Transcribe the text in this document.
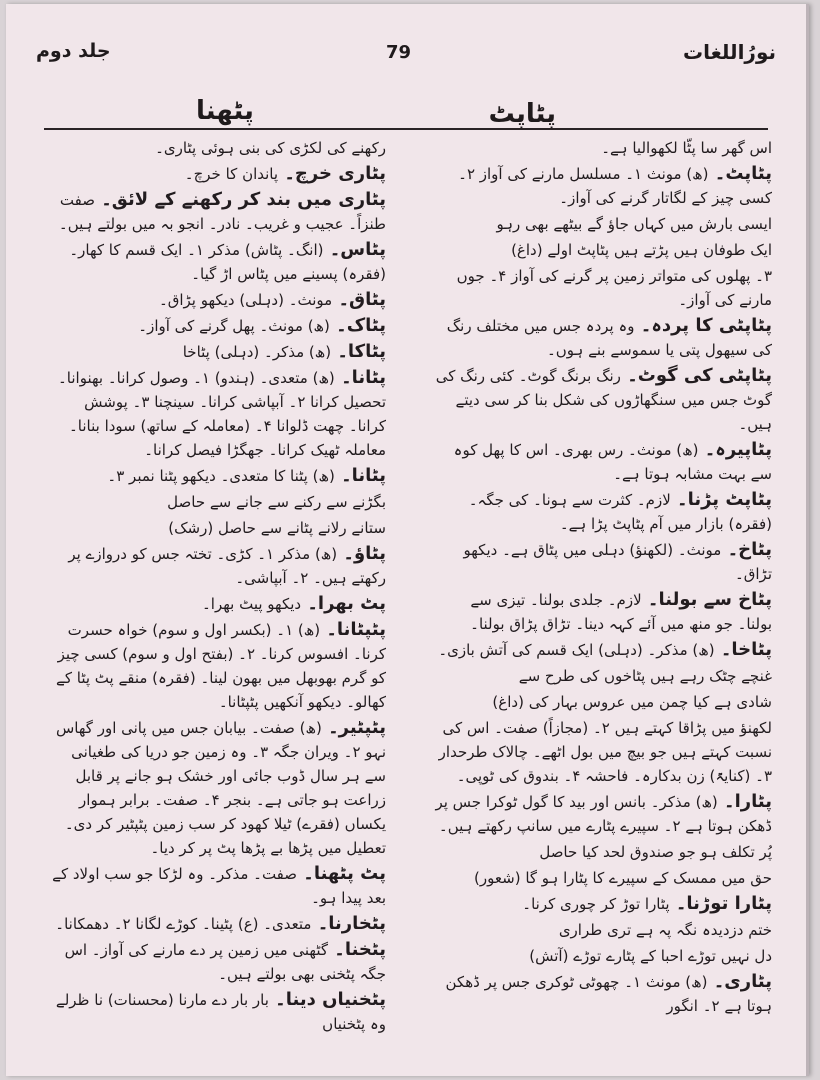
نورُاللغات
79
جلد دوم
پٹاپٹ
پٹھنا
اس گھر سا پٹّا لکھوالیا ہے۔
پٹاپٹ۔ (ھ) مونث ۱۔ مسلسل مارنے کی آواز ۲۔ کسی چیز کے لگاتار گرنے کی آواز۔
ایسی بارش میں کہاں جاؤ گے بیٹھے بھی رہو
ایک طوفان ہیں پڑتے ہیں پٹاپٹ اولے (داغ)
۳۔ پھلوں کی متواتر زمین پر گرنے کی آواز ۴۔ جوں مارنے کی آواز۔
پٹاپٹی کا پردہ۔ وہ پردہ جس میں مختلف رنگ کی سیھول پتی یا سموسے بنے ہوں۔
پٹاپٹی کی گوٹ۔ رنگ برنگ گوٹ۔ کئی رنگ کی گوٹ جس میں سنگھاڑوں کی شکل بنا کر سی دیتے ہیں۔
پٹاپیرہ۔ (ھ) مونث۔ رس بھری۔ اس کا پھل کوہ سے بہت مشابہ ہوتا ہے۔
پٹاپٹ پڑنا۔ لازم۔ کثرت سے ہونا۔ کی جگہ۔ (فقرہ) بازار میں آم پٹاپٹ پڑا ہے۔
پٹاخ۔ مونث۔ (لکھنؤ) دہلی میں پٹاق ہے۔ دیکھو تڑاق۔
پٹاخ سے بولنا۔ لازم۔ جلدی بولنا۔ تیزی سے بولنا۔ جو منھ میں آئے کہہ دینا۔ تڑاق پڑاق بولنا۔
پٹاخا۔ (ھ) مذکر۔ (دہلی) ایک قسم کی آتش بازی۔
غنچے چٹک رہے ہیں پٹاخوں کی طرح سے
شادی ہے کیا چمن میں عروس بہار کی (داغ)
لکھنؤ میں پڑاقا کہتے ہیں ۲۔ (مجازاً) صفت۔ اس کی نسبت کہتے ہیں جو بیچ میں بول اٹھے۔ چالاک طرحدار ۳۔ (کنایۃً) زن بدکارہ۔ فاحشہ ۴۔ بندوق کی ٹوپی۔
پٹارا۔ (ھ) مذکر۔ بانس اور بید کا گول ٹوکرا جس پر ڈھکن ہوتا ہے ۲۔ سپیرے پٹارے میں سانپ رکھتے ہیں۔
پُر تکلف ہو جو صندوق لحد کیا حاصل
حق میں ممسک کے سپیرے کا پٹارا ہو گا (شعور)
پٹارا توڑنا۔ پٹارا توڑ کر چوری کرنا۔
ختم دزدیدہ نگہ پہ ہے تری طراری
دل نہیں توڑے احبا کے پٹارے توڑے (آتش)
پٹاری۔ (ھ) مونث ۱۔ چھوٹی ٹوکری جس پر ڈھکن ہوتا ہے ۲۔ انگور
رکھنے کی لکڑی کی بنی ہوئی پٹاری۔
پٹاری خرچ۔ پاندان کا خرچ۔
پٹاری میں بند کر رکھنے کے لائق۔ صفت طنزاً۔ عجیب و غریب۔ نادر۔ انجو بہ میں بولتے ہیں۔
پٹاس۔ (انگ۔ پٹاش) مذکر ۱۔ ایک قسم کا کھار۔ (فقرہ) پسینے میں پٹاس اڑ گیا۔
پٹاق۔ مونث۔ (دہلی) دیکھو پڑاق۔
پٹاک۔ (ھ) مونث۔ پھل گرنے کی آواز۔
پٹاکا۔ (ھ) مذکر۔ (دہلی) پٹاخا
پٹانا۔ (ھ) متعدی۔ (ہندو) ۱۔ وصول کرانا۔ بھنوانا۔ تحصیل کرانا ۲۔ آبپاشی کرانا۔ سینچنا ۳۔ پوشش کرانا۔ چھت ڈلوانا ۴۔ (معاملہ کے ساتھ) سودا بنانا۔ معاملہ ٹھیک کرانا۔ جھگڑا فیصل کرانا۔
پٹانا۔ (ھ) پٹنا کا متعدی۔ دیکھو پٹنا نمبر ۳۔
بگڑنے سے رکنے سے جانے سے حاصل
ستانے رلانے پٹانے سے حاصل (رشک)
پٹاؤ۔ (ھ) مذکر ۱۔ کڑی۔ تختہ جس کو دروازے پر رکھتے ہیں۔ ۲۔ آبپاشی۔
پٹ بھرا۔ دیکھو پیٹ بھرا۔
پٹپٹانا۔ (ھ) ۱۔ (بکسر اول و سوم) خواہ حسرت کرنا۔ افسوس کرنا۔ ۲۔ (بفتح اول و سوم) کسی چیز کو گرم بھوبھل میں بھون لینا۔ (فقرہ) منقے پٹ پٹا کے کھالو۔ دیکھو آنکھیں پٹپٹانا۔
پٹپٹیر۔ (ھ) صفت۔ بیابان جس میں پانی اور گھاس نہو ۲۔ ویران جگہ ۳۔ وہ زمین جو دریا کی طغیانی سے ہر سال ڈوب جائی اور خشک ہو جانے پر قابل زراعت ہو جاتی ہے۔ بنجر ۴۔ صفت۔ برابر ہموار یکساں (فقرے) ٹیلا کھود کر سب زمین پٹپٹیر کر دی۔ تعطیل میں پڑھا بے پڑھا پٹ پر کر دیا۔
پٹ پٹھنا۔ صفت۔ مذکر۔ وہ لڑکا جو سب اولاد کے بعد پیدا ہو۔
پٹخارنا۔ متعدی۔ (ع) پٹینا۔ کوڑے لگانا ۲۔ دھمکانا۔
پٹخنا۔ گٹھنی میں زمین پر دے مارنے کی آواز۔ اس جگہ پٹخنی بھی بولتے ہیں۔
پٹخنیاں دینا۔ بار بار دے مارنا (محسنات) نا ظرلے وہ پٹخنیاں
